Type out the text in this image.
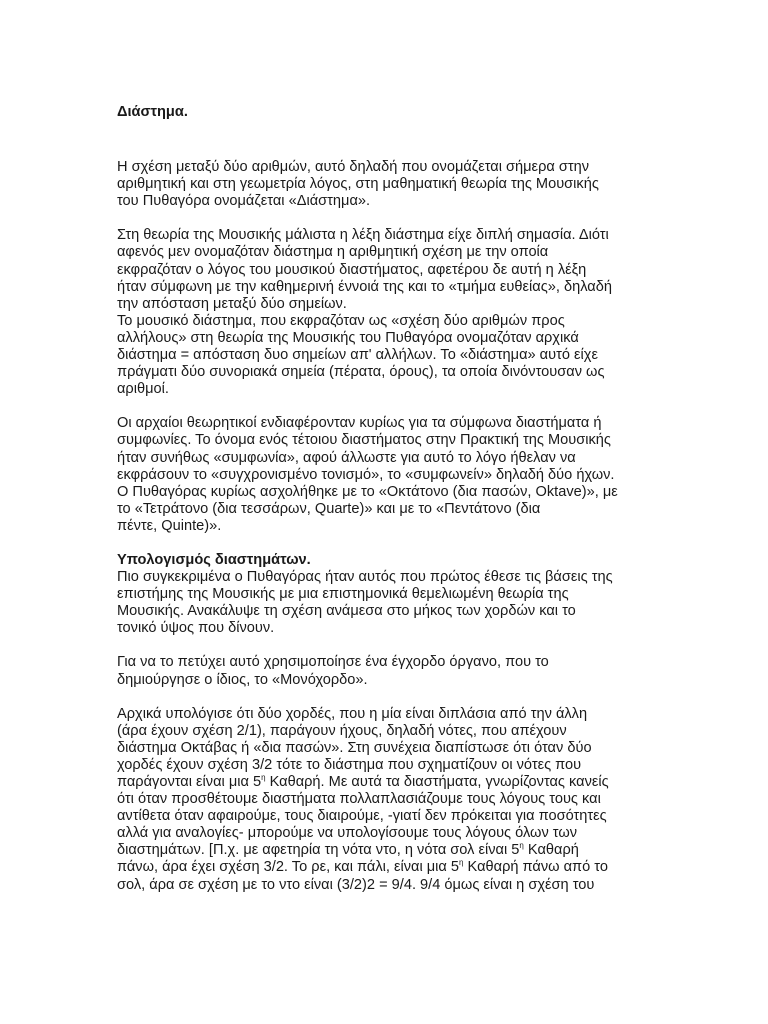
Διάστημα.

Η σχέση μεταξύ δύο αριθμών, αυτό δηλαδή που ονομάζεται σήμερα στην
αριθμητική και στη γεωμετρία λόγος, στη μαθηματική θεωρία της Μουσικής
του Πυθαγόρα ονομάζεται «Διάστημα».

Στη θεωρία της Μουσικής μάλιστα η λέξη διάστημα είχε διπλή σημασία. Διότι
αφενός μεν ονομαζόταν διάστημα η αριθμητική σχέση με την οποία
εκφραζόταν ο λόγος του μουσικού διαστήματος, αφετέρου δε αυτή η λέξη
ήταν σύμφωνη με την καθημερινή έννοιά της και το «τμήμα ευθείας», δηλαδή
την απόσταση μεταξύ δύο σημείων.
Το μουσικό διάστημα, που εκφραζόταν ως «σχέση δύο αριθμών προς
αλλήλους» στη θεωρία της Μουσικής του Πυθαγόρα ονομαζόταν αρχικά
διάστημα = απόσταση δυο σημείων απ' αλλήλων. Το «διάστημα» αυτό είχε
πράγματι δύο συνοριακά σημεία (πέρατα, όρους), τα οποία δινόντουσαν ως
αριθμοί.

Οι αρχαίοι θεωρητικοί ενδιαφέρονταν κυρίως για τα σύμφωνα διαστήματα ή
συμφωνίες. Το όνομα ενός τέτοιου διαστήματος στην Πρακτική της Μουσικής
ήταν συνήθως «συμφωνία», αφού άλλωστε για αυτό το λόγο ήθελαν να
εκφράσουν το «συγχρονισμένο τονισμό», το «συμφωνείν» δηλαδή δύο ήχων.
Ο Πυθαγόρας κυρίως ασχολήθηκε με το «Οκτάτονο (δια πασών, Oktave)», με
το «Τετράτονο (δια τεσσάρων, Quarte)» και με το «Πεντάτονο (δια
πέντε, Quinte)».

Υπολογισμός διαστημάτων.

Πιο συγκεκριμένα ο Πυθαγόρας ήταν αυτός που πρώτος έθεσε τις βάσεις της
επιστήμης της Μουσικής με μια επιστημονικά θεμελιωμένη θεωρία της
Μουσικής. Ανακάλυψε τη σχέση ανάμεσα στο μήκος των χορδών και το
τονικό ύψος που δίνουν.

Για να το πετύχει αυτό χρησιμοποίησε ένα έγχορδο όργανο, που το
δημιούργησε ο ίδιος, το «Μονόχορδο».

Αρχικά υπολόγισε ότι δύο χορδές, που η μία είναι διπλάσια από την άλλη
(άρα έχουν σχέση 2/1), παράγουν ήχους, δηλαδή νότες, που απέχουν
διάστημα Οκτάβας ή «δια πασών». Στη συνέχεια διαπίστωσε ότι όταν δύο
χορδές έχουν σχέση 3/2 τότε το διάστημα που σχηματίζουν οι νότες που
παράγονται είναι μια $5^\eta$ Καθαρή. Με αυτά τα διαστήματα, γνωρίζοντας κανείς
ότι όταν προσθέτουμε διαστήματα πολλαπλασιάζουμε τους λόγους τους και
αντίθετα όταν αφαιρούμε, τους διαιρούμε, -γιατί δεν πρόκειται για ποσότητες
αλλά για αναλογίες- μπορούμε να υπολογίσουμε τους λόγους όλων των
διαστημάτων. [Π.χ. με αφετηρία τη νότα ντο, η νότα σολ είναι $5^\eta$ Καθαρή
πάνω, άρα έχει σχέση 3/2. Το ρε, και πάλι, είναι μια $5^\eta$ Καθαρή πάνω από το
σολ, άρα σε σχέση με το ντο είναι (3/2)2 = 9/4. 9/4 όμως είναι η σχέση του
